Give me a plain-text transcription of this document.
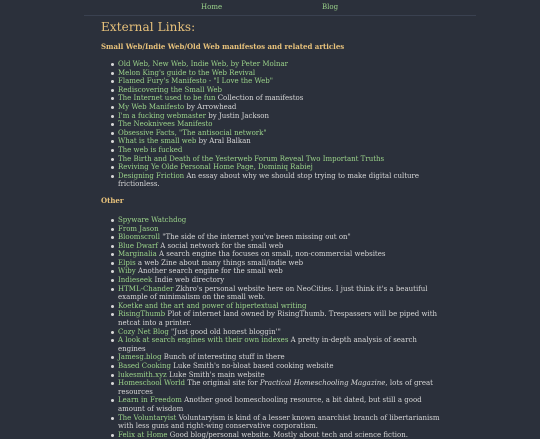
Home	Blog
External Links:
Small Web/Indie Web/Old Web manifestos and related articles
Old Web, New Web, Indie Web, by Peter Molnar
Melon King's guide to the Web Revival
Flamed Fury's Manifesto - "I Love the Web"
Rediscovering the Small Web
The Internet used to be fun Collection of manifestos
My Web Manifesto by Arrowhead
I'm a fucking webmaster by Justin Jackson
The Neoknivees Manifesto
Obsessive Facts, "The antisocial network"
What is the small web by Aral Balkan
The web is fucked
The Birth and Death of the Yesterweb Forum Reveal Two Important Truths
Reviving Ye Olde Personal Home Page, Dominiq Rabiej
Designing Friction An essay about why we should stop trying to make digital culture frictionless.
Other
Spyware Watchdog
From Jason
Bloomscroll "The side of the internet you've been missing out on"
Blue Dwarf A social network for the small web
Marginalia A search engine tha focuses on small, non-commercial websites
Elpis a web Zine about many things small/indie web
Wiby Another search engine for the small web
Indieseek Indie web directory
HTML-Chander Zkhro's personal website here on NeoCities. I just think it's a beautiful example of minimalism on the small web.
Koetke and the art and power of hipertextual writing
RisingThumb Plot of internet land owned by RisingThumb. Trespassers will be piped with netcat into a printer.
Cozy Net Blog "Just good old honest bloggin'"
A look at search engines with their own indexes A pretty in-depth analysis of search engines
Jamesg.blog Bunch of interesting stuff in there
Based Cooking Luke Smith's no-bloat based cooking website
lukesmith.xyz Luke Smith's main website
Homeschool World The original site for Practical Homeschooling Magazine, lots of great resources
Learn in Freedom Another good homeschooling resource, a bit dated, but still a good amount of wisdom
The Voluntaryist Voluntaryism is kind of a lesser known anarchist branch of libertarianism with less guns and right-wing conservative corporatism.
Felix at Home Good blog/personal website. Mostly about tech and science fiction.
